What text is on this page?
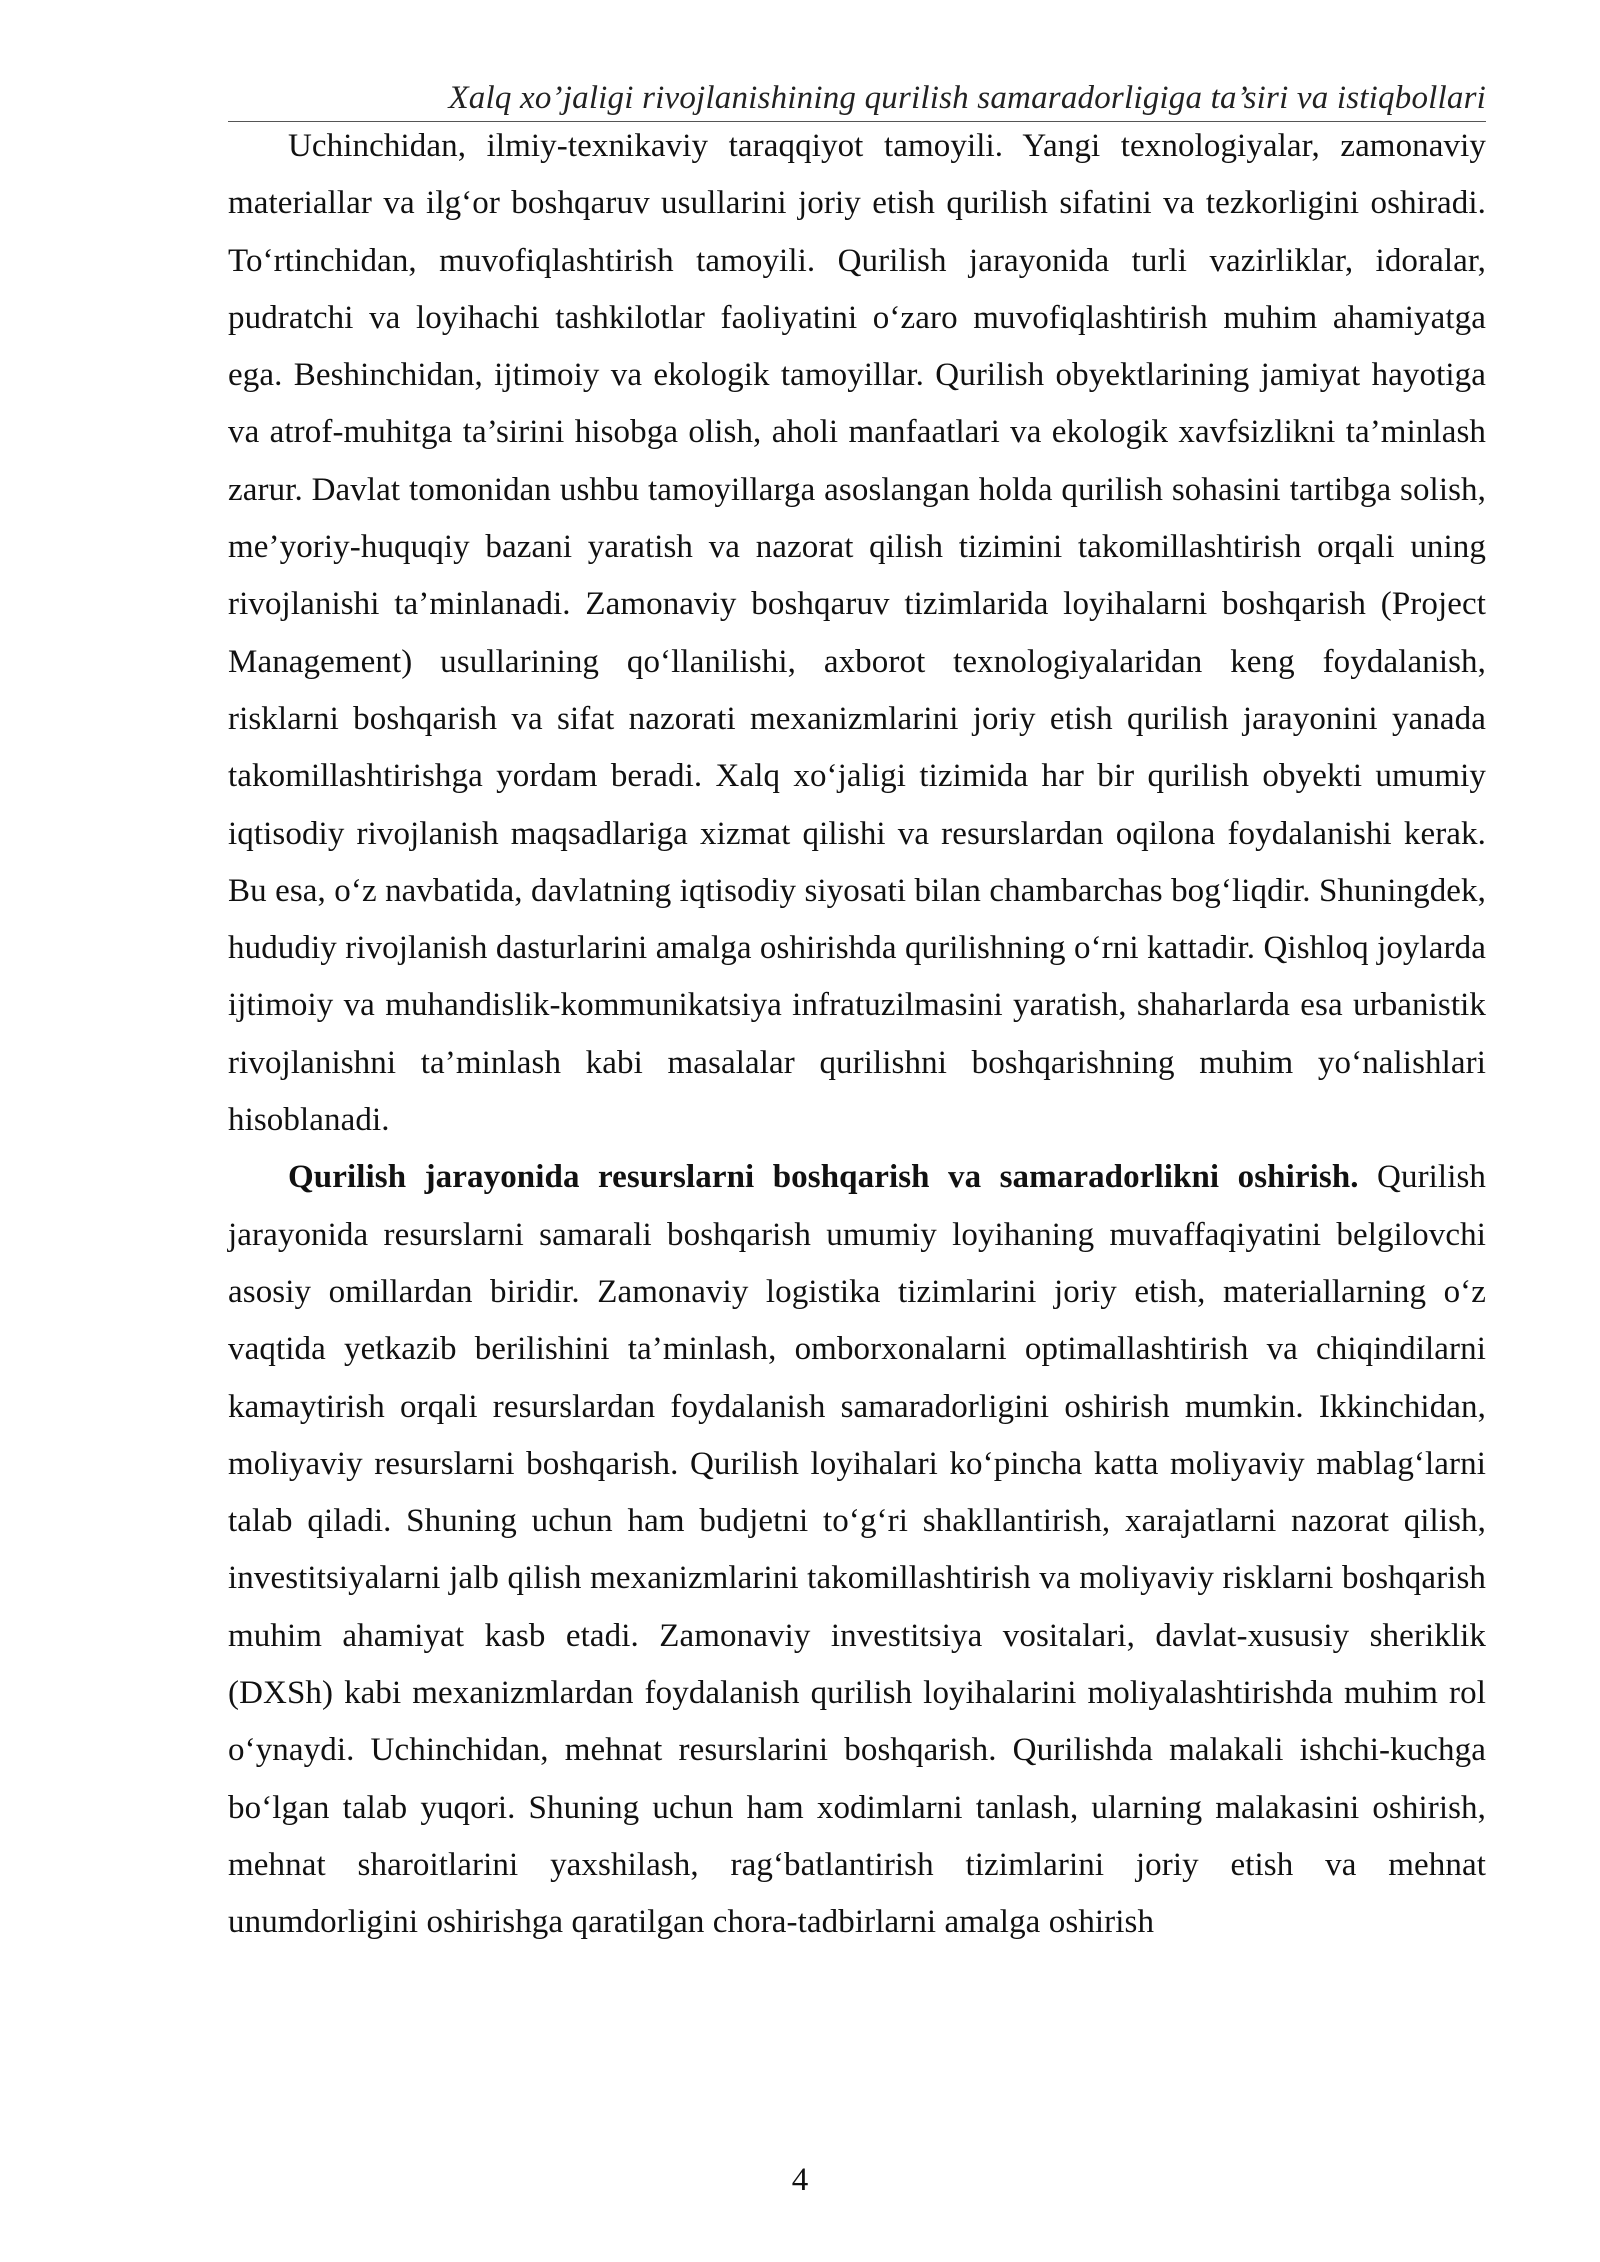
Xalq xo’jaligi rivojlanishining qurilish samaradorligiga ta’siri va istiqbollari

Uchinchidan, ilmiy-texnikaviy taraqqiyot tamoyili. Yangi texnologiyalar, zamonaviy materiallar va ilg‘or boshqaruv usullarini joriy etish qurilish sifatini va tezkorligini oshiradi. To‘rtinchidan, muvofiqlashtirish tamoyili. Qurilish jarayonida turli vazirliklar, idoralar, pudratchi va loyihachi tashkilotlar faoliyatini o‘zaro muvofiqlashtirish muhim ahamiyatga ega. Beshinchidan, ijtimoiy va ekologik tamoyillar. Qurilish obyektlarining jamiyat hayotiga va atrof-muhitga ta’sirini hisobga olish, aholi manfaatlari va ekologik xavfsizlikni ta’minlash zarur. Davlat tomonidan ushbu tamoyillarga asoslangan holda qurilish sohasini tartibga solish, me’yoriy-huquqiy bazani yaratish va nazorat qilish tizimini takomillashtirish orqali uning rivojlanishi ta’minlanadi. Zamonaviy boshqaruv tizimlarida loyihalarni boshqarish (Project Management) usullarining qo‘llanilishi, axborot texnologiyalaridan keng foydalanish, risklarni boshqarish va sifat nazorati mexanizmlarini joriy etish qurilish jarayonini yanada takomillashtirishga yordam beradi. Xalq xo‘jaligi tizimida har bir qurilish obyekti umumiy iqtisodiy rivojlanish maqsadlariga xizmat qilishi va resurslardan oqilona foydalanishi kerak. Bu esa, o‘z navbatida, davlatning iqtisodiy siyosati bilan chambarchas bog‘liqdir. Shuningdek, hududiy rivojlanish dasturlarini amalga oshirishda qurilishning o‘rni kattadir. Qishloq joylarda ijtimoiy va muhandislik-kommunikatsiya infratuzilmasini yaratish, shaharlarda esa urbanistik rivojlanishni ta’minlash kabi masalalar qurilishni boshqarishning muhim yo‘nalishlari hisoblanadi.

Qurilish jarayonida resurslarni boshqarish va samaradorlikni oshirish. Qurilish jarayonida resurslarni samarali boshqarish umumiy loyihaning muvaffaqiyatini belgilovchi asosiy omillardan biridir. Zamonaviy logistika tizimlarini joriy etish, materiallarning o‘z vaqtida yetkazib berilishini ta’minlash, omborxonalarni optimallashtirish va chiqindilarni kamaytirish orqali resurslardan foydalanish samaradorligini oshirish mumkin. Ikkinchidan, moliyaviy resurslarni boshqarish. Qurilish loyihalari ko‘pincha katta moliyaviy mablag‘larni talab qiladi. Shuning uchun ham budjetni to‘g‘ri shakllantirish, xarajatlarni nazorat qilish, investitsiyalarni jalb qilish mexanizmlarini takomillashtirish va moliyaviy risklarni boshqarish muhim ahamiyat kasb etadi. Zamonaviy investitsiya vositalari, davlat-xususiy sheriklik (DXSh) kabi mexanizmlardan foydalanish qurilish loyihalarini moliyalashtirishda muhim rol o‘ynaydi. Uchinchidan, mehnat resurslarini boshqarish. Qurilishda malakali ishchi-kuchga bo‘lgan talab yuqori. Shuning uchun ham xodimlarni tanlash, ularning malakasini oshirish, mehnat sharoitlarini yaxshilash, rag‘batlantirish tizimlarini joriy etish va mehnat unumdorligini oshirishga qaratilgan chora-tadbirlarni amalga oshirish

4
